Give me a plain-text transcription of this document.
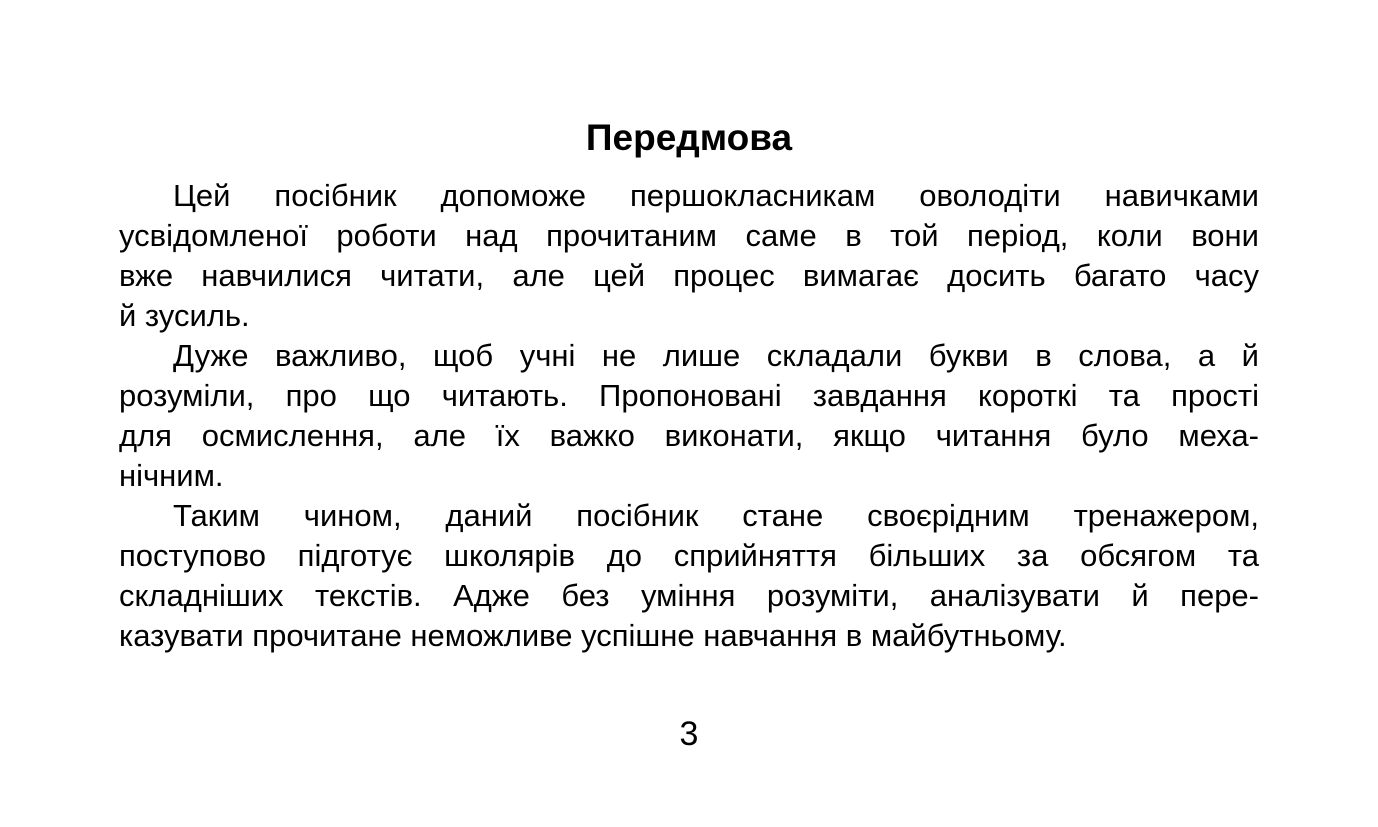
Передмова

Цей посібник допоможе першокласникам оволодіти навичками
усвідомленої роботи над прочитаним саме в той період, коли вони
вже навчилися читати, але цей процес вимагає досить багато часу
й зусиль.

Дуже важливо, щоб учні не лише складали букви в слова, а й
розуміли, про що читають. Пропоновані завдання короткі та прості
для осмислення, але їх важко виконати, якщо читання було меха-
нічним.

Таким чином, даний посібник стане своєрідним тренажером,
поступово підготує школярів до сприйняття більших за обсягом та
складніших текстів. Адже без уміння розуміти, аналізувати й пере-
казувати прочитане неможливе успішне навчання в майбутньому.

3
